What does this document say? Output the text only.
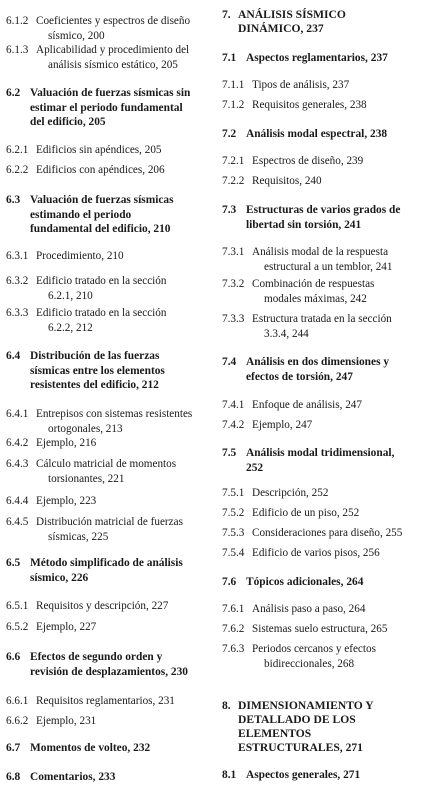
6.1.2 Coeficientes y espectros de diseño
sísmico, 200
6.1.3 Aplicabilidad y procedimiento del
análisis sísmico estático, 205
6.2 Valuación de fuerzas sísmicas sin
estimar el periodo fundamental
del edificio, 205
6.2.1 Edificios sin apéndices, 205
6.2.2 Edificios con apéndices, 206
6.3 Valuación de fuerzas sísmicas
estimando el periodo
fundamental del edificio, 210
6.3.1 Procedimiento, 210
6.3.2 Edificio tratado en la sección
6.2.1, 210
6.3.3 Edificio tratado en la sección
6.2.2, 212
6.4 Distribución de las fuerzas
sísmicas entre los elementos
resistentes del edificio, 212
6.4.1 Entrepisos con sistemas resistentes
ortogonales, 213
6.4.2 Ejemplo, 216
6.4.3 Cálculo matricial de momentos
torsionantes, 221
6.4.4 Ejemplo, 223
6.4.5 Distribución matricial de fuerzas
sísmicas, 225
6.5 Método simplificado de análisis
sísmico, 226
6.5.1 Requisitos y descripción, 227
6.5.2 Ejemplo, 227
6.6 Efectos de segundo orden y
revisión de desplazamientos, 230
6.6.1 Requisitos reglamentarios, 231
6.6.2 Ejemplo, 231
6.7 Momentos de volteo, 232
6.8 Comentarios, 233
7. ANÁLISIS SÍSMICO
DINÁMICO, 237
7.1 Aspectos reglamentarios, 237
7.1.1 Tipos de análisis, 237
7.1.2 Requisitos generales, 238
7.2 Análisis modal espectral, 238
7.2.1 Espectros de diseño, 239
7.2.2 Requisitos, 240
7.3 Estructuras de varios grados de
libertad sin torsión, 241
7.3.1 Análisis modal de la respuesta
estructural a un temblor, 241
7.3.2 Combinación de respuestas
modales máximas, 242
7.3.3 Estructura tratada en la sección
3.3.4, 244
7.4 Análisis en dos dimensiones y
efectos de torsión, 247
7.4.1 Enfoque de análisis, 247
7.4.2 Ejemplo, 247
7.5 Análisis modal tridimensional,
252
7.5.1 Descripción, 252
7.5.2 Edificio de un piso, 252
7.5.3 Consideraciones para diseño, 255
7.5.4 Edificio de varios pisos, 256
7.6 Tópicos adicionales, 264
7.6.1 Análisis paso a paso, 264
7.6.2 Sistemas suelo estructura, 265
7.6.3 Periodos cercanos y efectos
bidireccionales, 268
8. DIMENSIONAMIENTO Y
DETALLADO DE LOS
ELEMENTOS
ESTRUCTURALES, 271
8.1 Aspectos generales, 271
